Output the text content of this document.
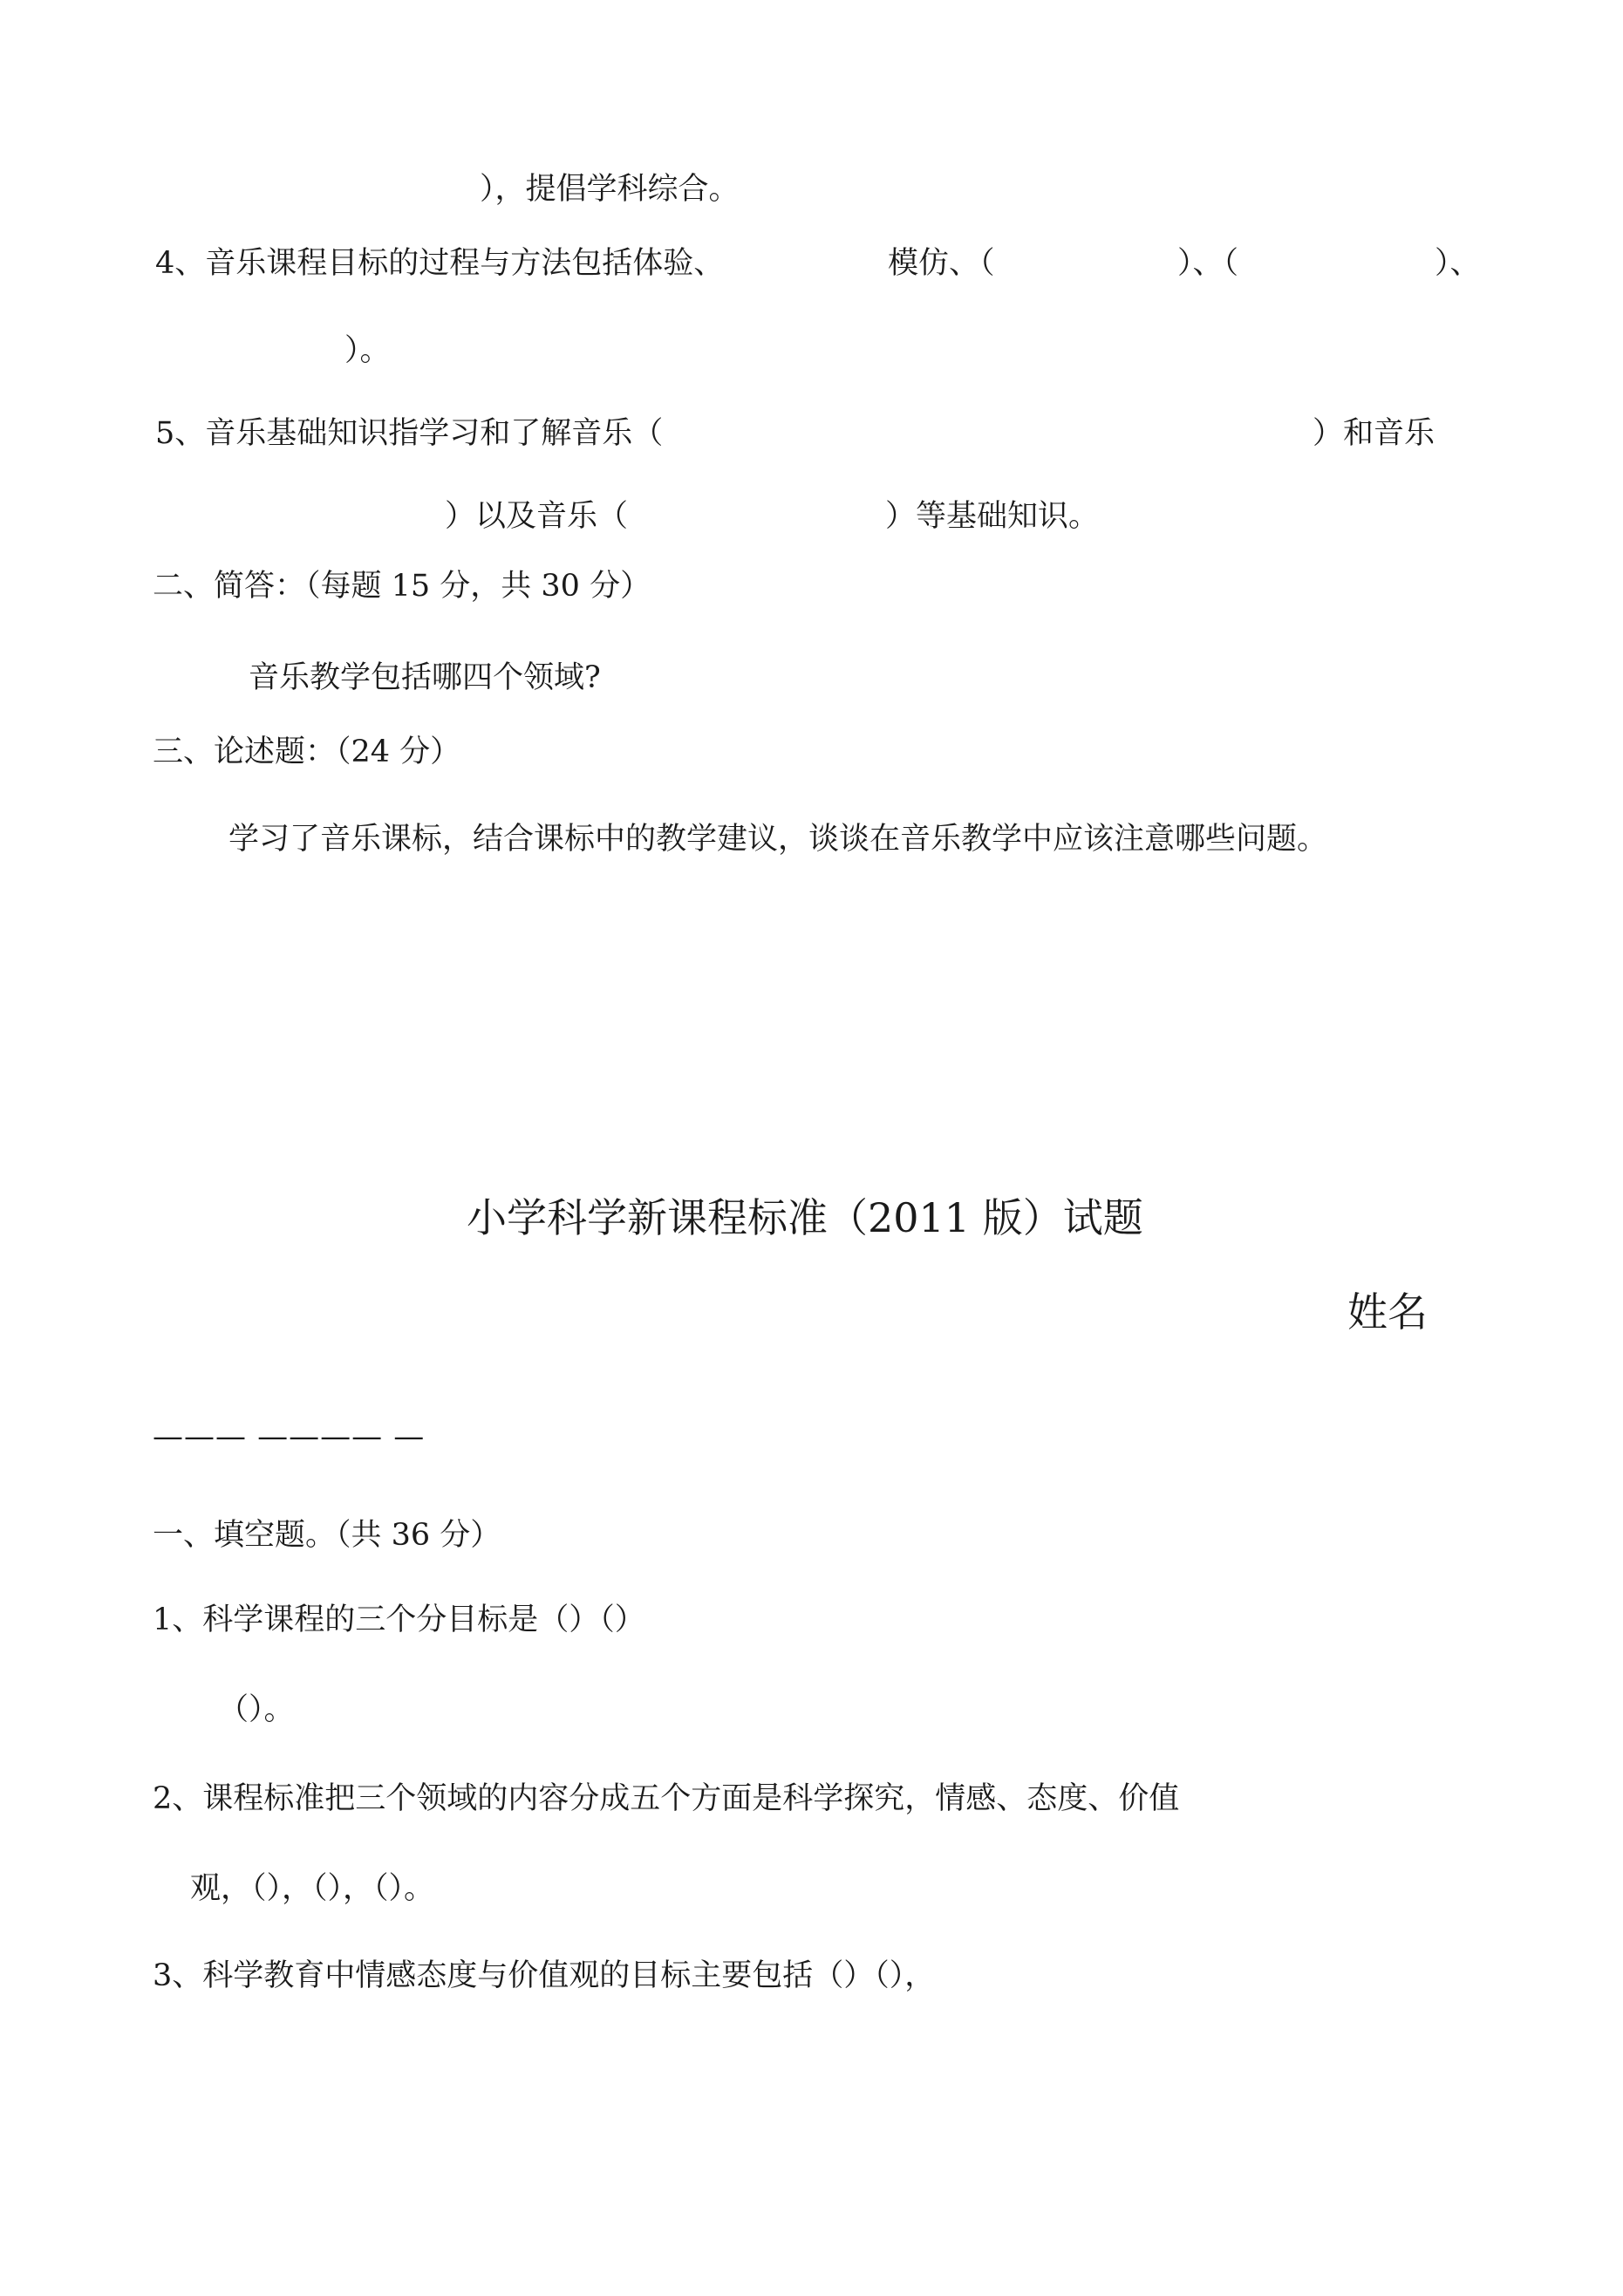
），提倡学科综合。
4、音乐课程目标的过程与方法包括体验、	模仿、（	）、（	）、
）。
5、音乐基础知识指学习和了解音乐（	）和音乐
）以及音乐（	）等基础知识。
二、简答：（每题 15 分，共 30 分）
音乐教学包括哪四个领域?
三、论述题：（24 分）
学习了音乐课标，结合课标中的教学建议，谈谈在音乐教学中应该注意哪些问题。
小学科学新课程标准（2011 版）试题
姓名
——— ———— —
一、填空题。（共 36 分）
1、科学课程的三个分目标是（）（）
（）。
2、课程标准把三个领域的内容分成五个方面是科学探究，情感、态度、价值
观，（），（），（）。
3、科学教育中情感态度与价值观的目标主要包括（）（），
